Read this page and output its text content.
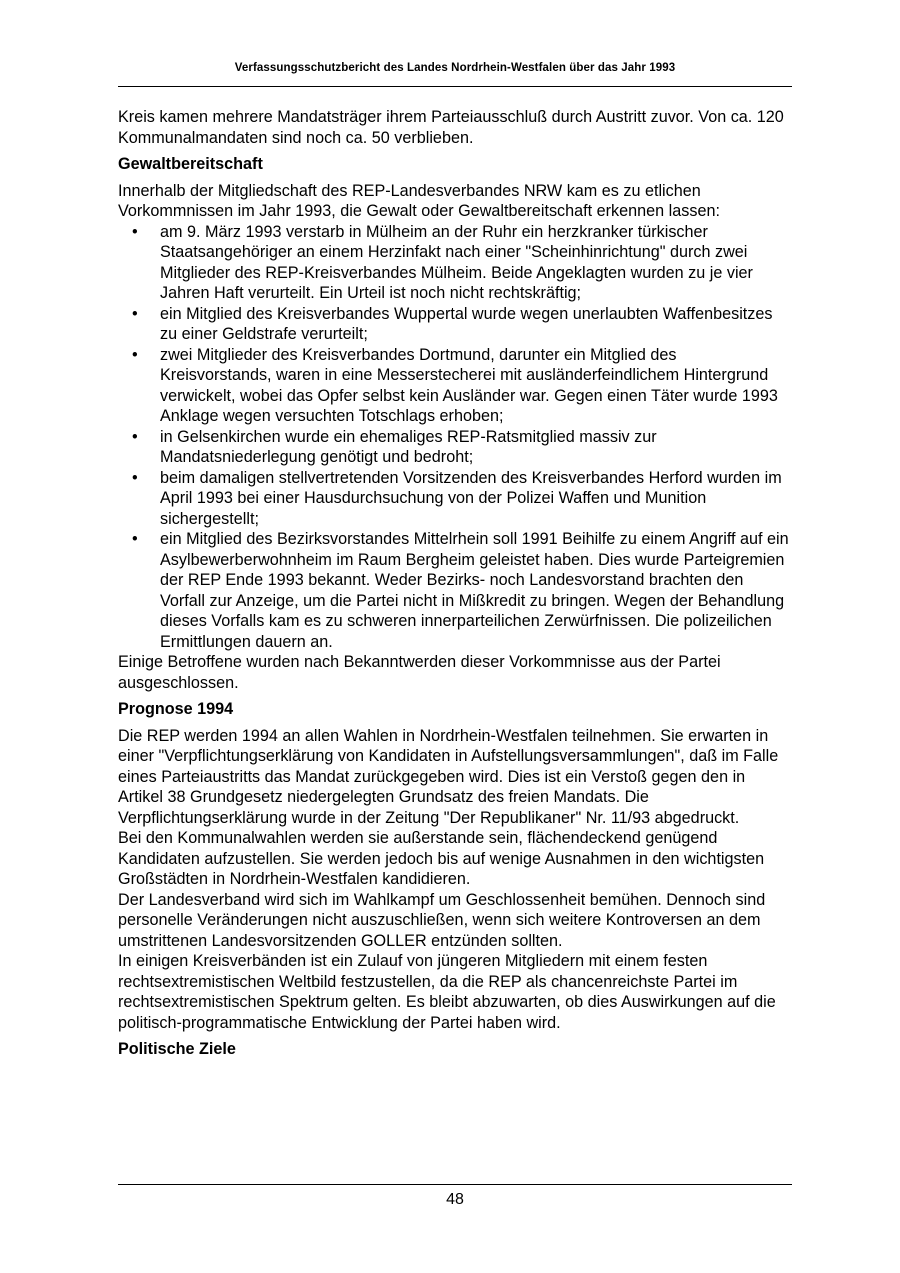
Verfassungsschutzbericht des Landes Nordrhein-Westfalen über das Jahr 1993

Kreis kamen mehrere Mandatsträger ihrem Parteiausschluß durch Austritt zuvor. Von ca. 120 Kommunalmandaten sind noch ca. 50 verblieben.

Gewaltbereitschaft

Innerhalb der Mitgliedschaft des REP-Landesverbandes NRW kam es zu etlichen Vorkommnissen im Jahr 1993, die Gewalt oder Gewaltbereitschaft erkennen lassen:

• am 9. März 1993 verstarb in Mülheim an der Ruhr ein herzkranker türkischer Staatsangehöriger an einem Herzinfakt nach einer "Scheinhinrichtung" durch zwei Mitglieder des REP-Kreisverbandes Mülheim. Beide Angeklagten wurden zu je vier Jahren Haft verurteilt. Ein Urteil ist noch nicht rechtskräftig;
• ein Mitglied des Kreisverbandes Wuppertal wurde wegen unerlaubten Waffenbesitzes zu einer Geldstrafe verurteilt;
• zwei Mitglieder des Kreisverbandes Dortmund, darunter ein Mitglied des Kreisvorstands, waren in eine Messerstecherei mit ausländerfeindlichem Hintergrund verwickelt, wobei das Opfer selbst kein Ausländer war. Gegen einen Täter wurde 1993 Anklage wegen versuchten Totschlags erhoben;
• in Gelsenkirchen wurde ein ehemaliges REP-Ratsmitglied massiv zur Mandatsniederlegung genötigt und bedroht;
• beim damaligen stellvertretenden Vorsitzenden des Kreisverbandes Herford wurden im April 1993 bei einer Hausdurchsuchung von der Polizei Waffen und Munition sichergestellt;
• ein Mitglied des Bezirksvorstandes Mittelrhein soll 1991 Beihilfe zu einem Angriff auf ein Asylbewerberwohnheim im Raum Bergheim geleistet haben. Dies wurde Parteigremien der REP Ende 1993 bekannt. Weder Bezirks- noch Landesvorstand brachten den Vorfall zur Anzeige, um die Partei nicht in Mißkredit zu bringen. Wegen der Behandlung dieses Vorfalls kam es zu schweren innerparteilichen Zerwürfnissen. Die polizeilichen Ermittlungen dauern an.

Einige Betroffene wurden nach Bekanntwerden dieser Vorkommnisse aus der Partei ausgeschlossen.

Prognose 1994

Die REP werden 1994 an allen Wahlen in Nordrhein-Westfalen teilnehmen. Sie erwarten in einer "Verpflichtungserklärung von Kandidaten in Aufstellungsversammlungen", daß im Falle eines Parteiaustritts das Mandat zurückgegeben wird. Dies ist ein Verstoß gegen den in Artikel 38 Grundgesetz niedergelegten Grundsatz des freien Mandats. Die Verpflichtungserklärung wurde in der Zeitung "Der Republikaner" Nr. 11/93 abgedruckt.

Bei den Kommunalwahlen werden sie außerstande sein, flächendeckend genügend Kandidaten aufzustellen. Sie werden jedoch bis auf wenige Ausnahmen in den wichtigsten Großstädten in Nordrhein-Westfalen kandidieren.

Der Landesverband wird sich im Wahlkampf um Geschlossenheit bemühen. Dennoch sind personelle Veränderungen nicht auszuschließen, wenn sich weitere Kontroversen an dem umstrittenen Landesvorsitzenden GOLLER entzünden sollten.

In einigen Kreisverbänden ist ein Zulauf von jüngeren Mitgliedern mit einem festen rechtsextremistischen Weltbild festzustellen, da die REP als chancenreichste Partei im rechtsextremistischen Spektrum gelten. Es bleibt abzuwarten, ob dies Auswirkungen auf die politisch-programmatische Entwicklung der Partei haben wird.

Politische Ziele
48
